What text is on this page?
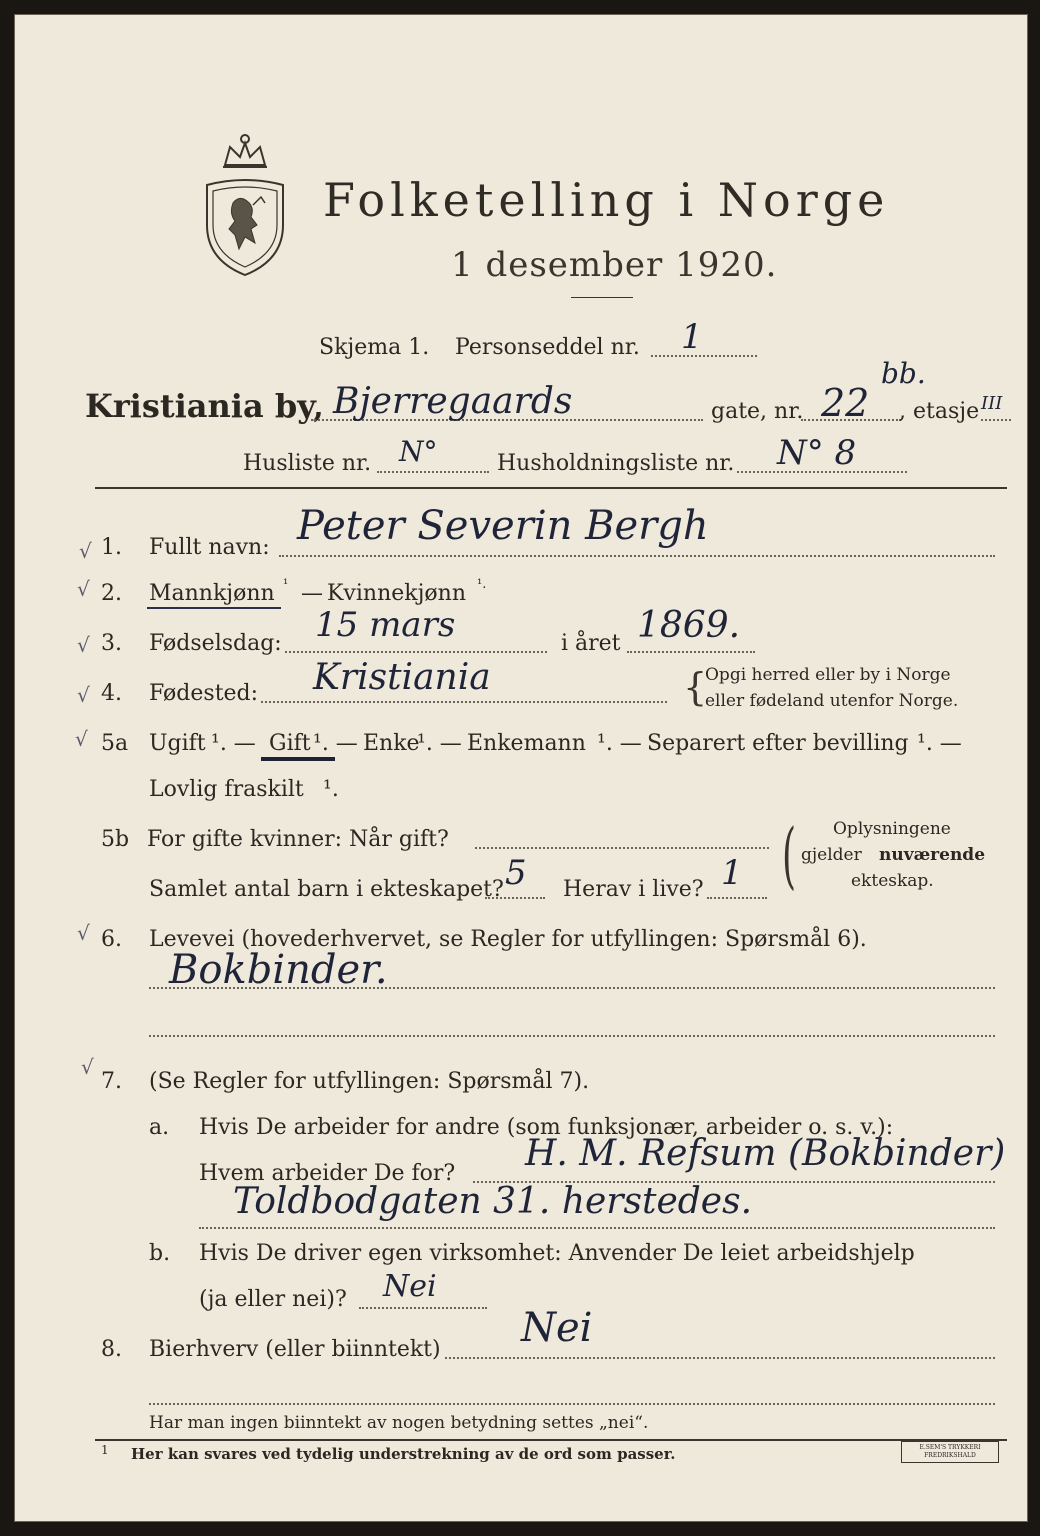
Folketelling i Norge
1 desember 1920.
Skjema 1. Personseddel nr. 1
Kristiania by, Bjerregaards	gate, nr. 22
bb.
, etasje III
Husliste nr. N°	Husholdningsliste nr. N° 8
√
√
√
√
√
√
√
1. Fullt navn: Peter Severin Bergh
2. Mannkjønn ¹ — Kvinnekjønn ¹.
3. Fødselsdag: 15 mars	i året 1869.
4. Fødested: Kristiania	{
Opgi herred eller by i Norge
eller fødeland utenfor Norge.
5a Ugift ¹. — Gift ¹. — Enke
¹. — Enkemann ¹. — Separert efter bevilling ¹. —
Lovlig fraskilt ¹.
5b For gifte kvinner: Når gift?
Samlet antal barn i ekteskapet? 5 Herav i live? 1 ( Oplysningene
gjelder nuværende
ekteskap.
6. Levevei (hovederhvervet, se Regler for utfyllingen: Spørsmål 6).
Bokbinder.
7. (Se Regler for utfyllingen: Spørsmål 7).
a. Hvis De arbeider for andre (som funksjonær, arbeider o. s. v.):
Hvem arbeider De for? H. M. Refsum (Bokbinder)
Toldbodgaten 31. herstedes.
b. Hvis De driver egen virksomhet: Anvender De leiet arbeidshjelp
(ja eller nei)? Nei
8. Bierhverv (eller biinntekt) Nei
Har man ingen biinntekt av nogen betydning settes „nei“.
1 Her kan svares ved tydelig understrekning av de ord som passer.	E.SEM'S TRYKKERI FREDRIKSHALD
